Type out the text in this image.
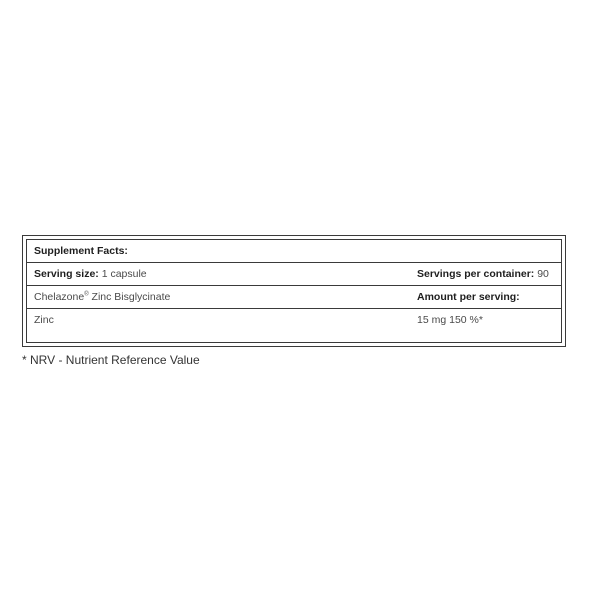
Supplement Facts:	
Serving size: 1 capsule	Servings per container: 90
Chelazone® Zinc Bisglycinate	Amount per serving:
Zinc	15 mg 150 %*
* NRV - Nutrient Reference Value
